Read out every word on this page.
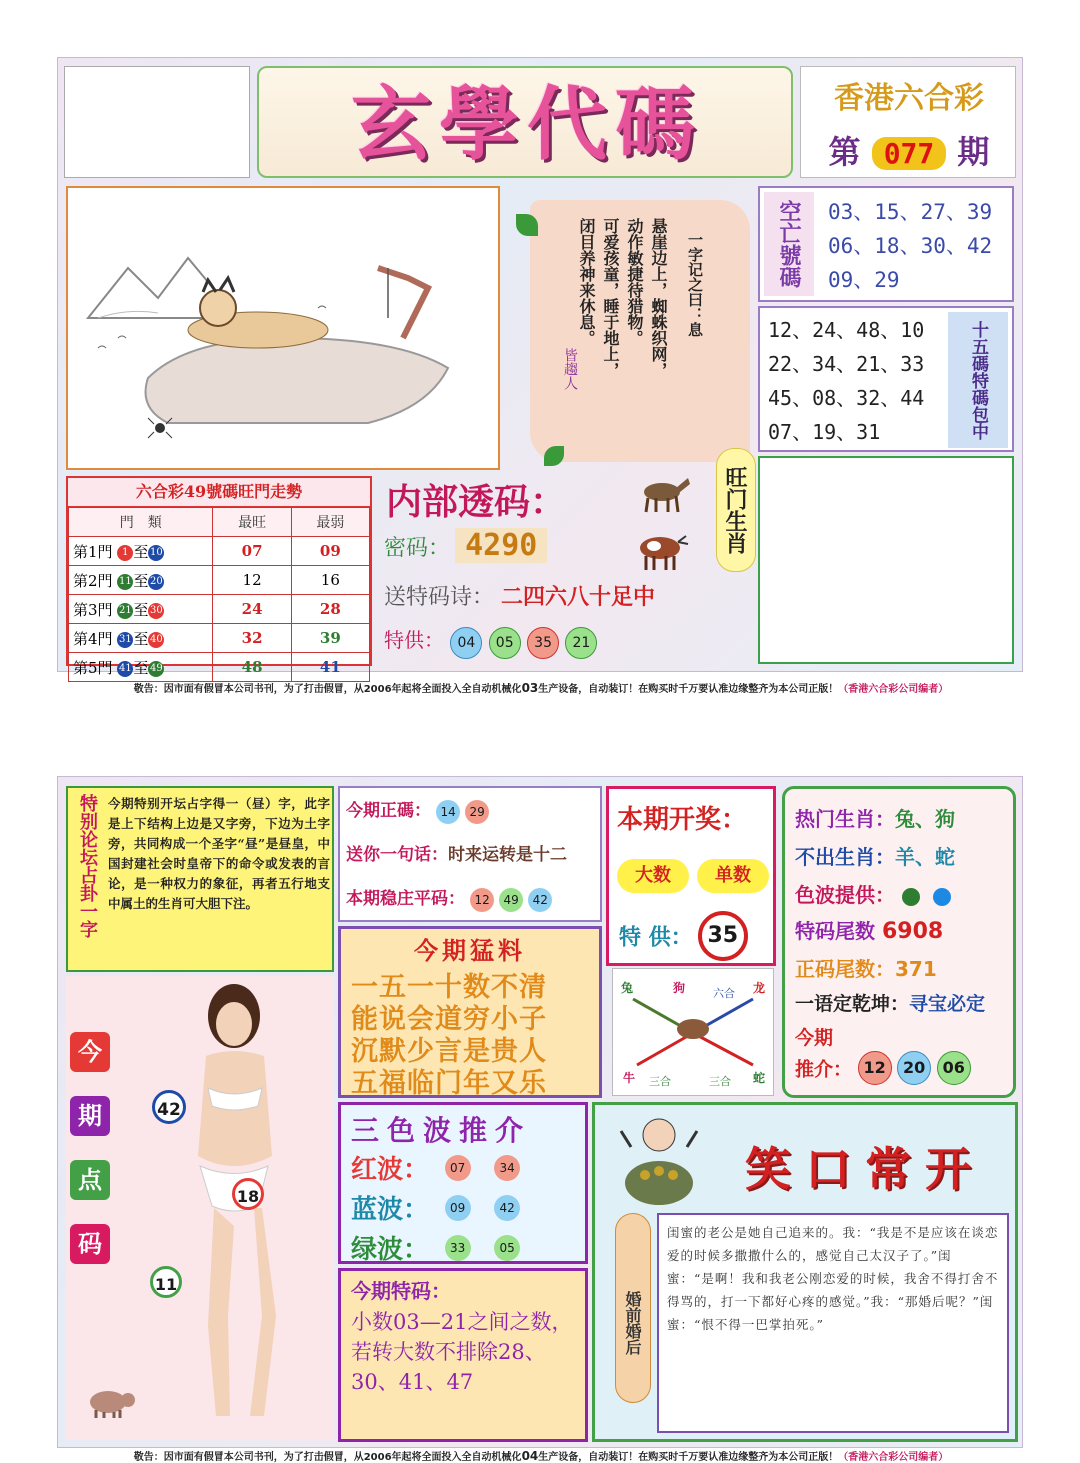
玄學代碼	香港六合彩
第 077 期
一字记之曰：息
悬崖边上，蜘蛛织网，
动作敏捷待猎物。
可爱孩童，睡于地上，
闭目养神来休息。
皆趨人
空亡號碼	03、15、27、39
06、18、30、42
09、29
十五碼特碼包中
12、24、48、10
22、34、21、33
45、08、32、44
07、19、31
六合彩49號碼旺門走勢
門　類	最旺	最弱
第1門 1 至 10	07	09
第2門 11 至 20	12	16
第3門 21 至 30	24	28
第4門 31 至 40	32	39
第5門 41 至 49	48	41
内部透码：
密码： 4290
送特码诗： 二四六八十足中
特供： 04 05 35 21
旺门生肖
敬告：因市面有假冒本公司书刊，为了打击假冒，从2006年起将全面投入全自动机械化03生产设备，自动装订！在购买时千万要认准边缘整齐为本公司正版！（香港六合彩公司编者）
特别论坛占卦一字 今期特别开坛占字得一（昼）字，此字是上下结构上边是又字旁，下边为土字旁，共同构成一个圣字“昼”是昼皇，中国封建社会时皇帝下的命令或发表的言论，是一种权力的象征，再者五行地支中属土的生肖可大胆下注。
今
期
点
码
42
18
11
今期正碼： 14 29
送你一句话：时来运转是十二
本期稳庄平码： 12 49 42
本期开奖：
大数	单数
特 供： 35
今期猛料
一五一十数不清
能说会道穷小子
沉默少言是贵人
五福临门年又乐
兔	狗	六合 龙
牛 三合	三合 蛇
热门生肖：兔、狗
不出生肖：羊、蛇
色波提供：
特码尾数 6908
正码尾数：371
一语定乾坤：寻宝必定
今期
推介： 12 20 06
三色波推介
红波： 07	34
蓝波： 09	42
绿波： 33	05
今期特码：
小数03—21之间之数，若转大数不排除28、30、41、47
笑口常开
婚前婚后
闺蜜的老公是她自己追来的。我：“我是不是应该在谈恋爱的时候多撒撒什么的，感觉自己太汉子了。”闺蜜：“是啊！我和我老公刚恋爱的时候，我舍不得打舍不得骂的，打一下都好心疼的感觉。”我：“那婚后呢？”闺蜜：“恨不得一巴掌拍死。”
敬告：因市面有假冒本公司书刊，为了打击假冒，从2006年起将全面投入全自动机械化04生产设备，自动装订！在购买时千万要认准边缘整齐为本公司正版！（香港六合彩公司编者）
